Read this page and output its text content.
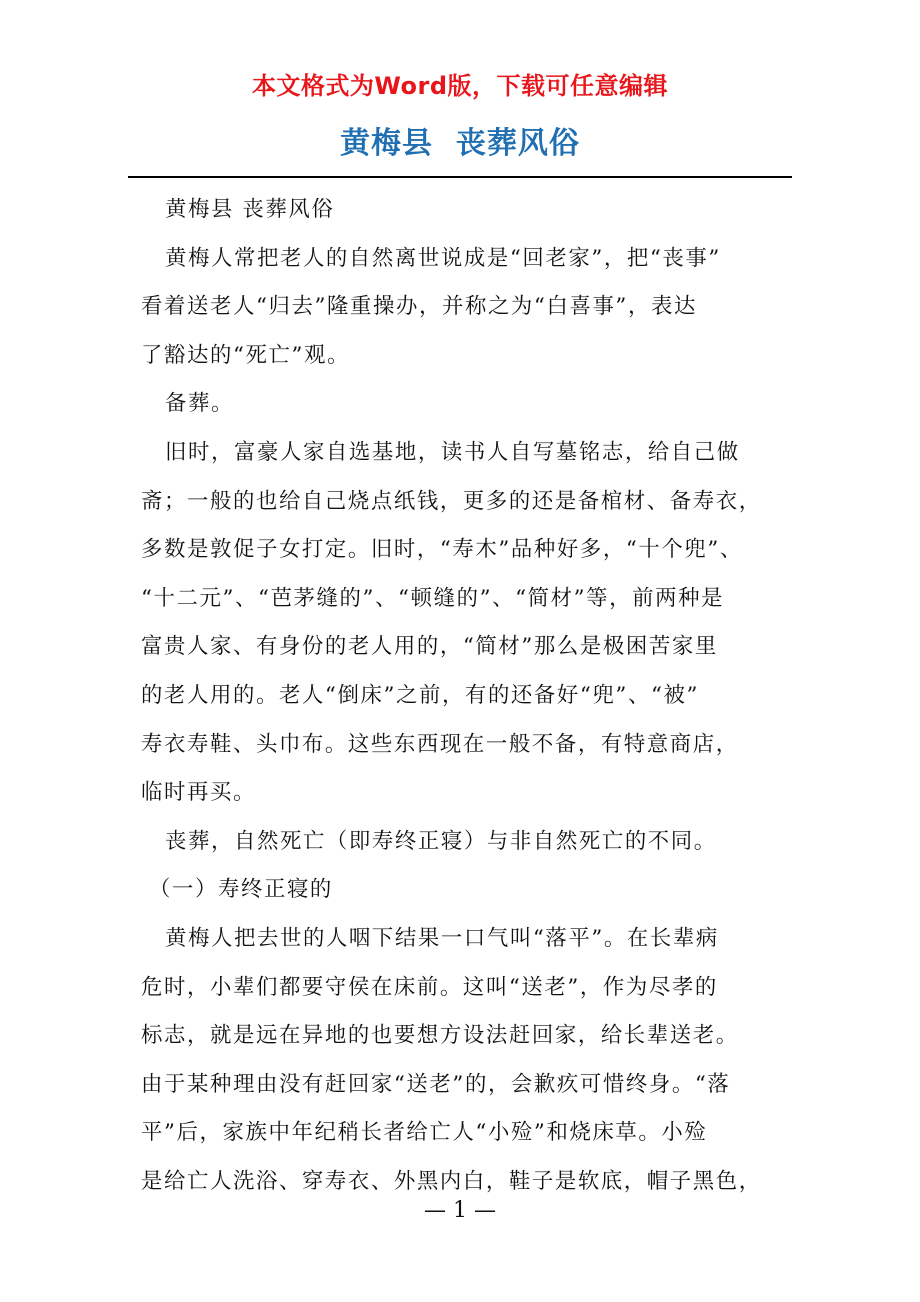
本文格式为Word版，下载可任意编辑
黄梅县  丧葬风俗
黄梅县 丧葬风俗
黄梅人常把老人的自然离世说成是“回老家”，把“丧事”
看着送老人“归去”隆重操办，并称之为“白喜事”，表达
了豁达的“死亡”观。
备葬。
旧时，富豪人家自选基地，读书人自写墓铭志，给自己做
斋；一般的也给自己烧点纸钱，更多的还是备棺材、备寿衣，
多数是敦促子女打定。旧时，“寿木”品种好多，“十个兜”、
“十二元”、“芭茅缝的”、“顿缝的”、“简材”等，前两种是
富贵人家、有身份的老人用的，“简材”那么是极困苦家里
的老人用的。老人“倒床”之前，有的还备好“兜”、“被”
寿衣寿鞋、头巾布。这些东西现在一般不备，有特意商店，
临时再买。
丧葬，自然死亡（即寿终正寝）与非自然死亡的不同。
（一）寿终正寝的
黄梅人把去世的人咽下结果一口气叫“落平”。在长辈病
危时，小辈们都要守侯在床前。这叫“送老”，作为尽孝的
标志，就是远在异地的也要想方设法赶回家，给长辈送老。
由于某种理由没有赶回家“送老”的，会歉疚可惜终身。“落
平”后，家族中年纪稍长者给亡人“小殓”和烧床草。小殓
是给亡人洗浴、穿寿衣、外黑内白，鞋子是软底，帽子黑色，
— 1 —
